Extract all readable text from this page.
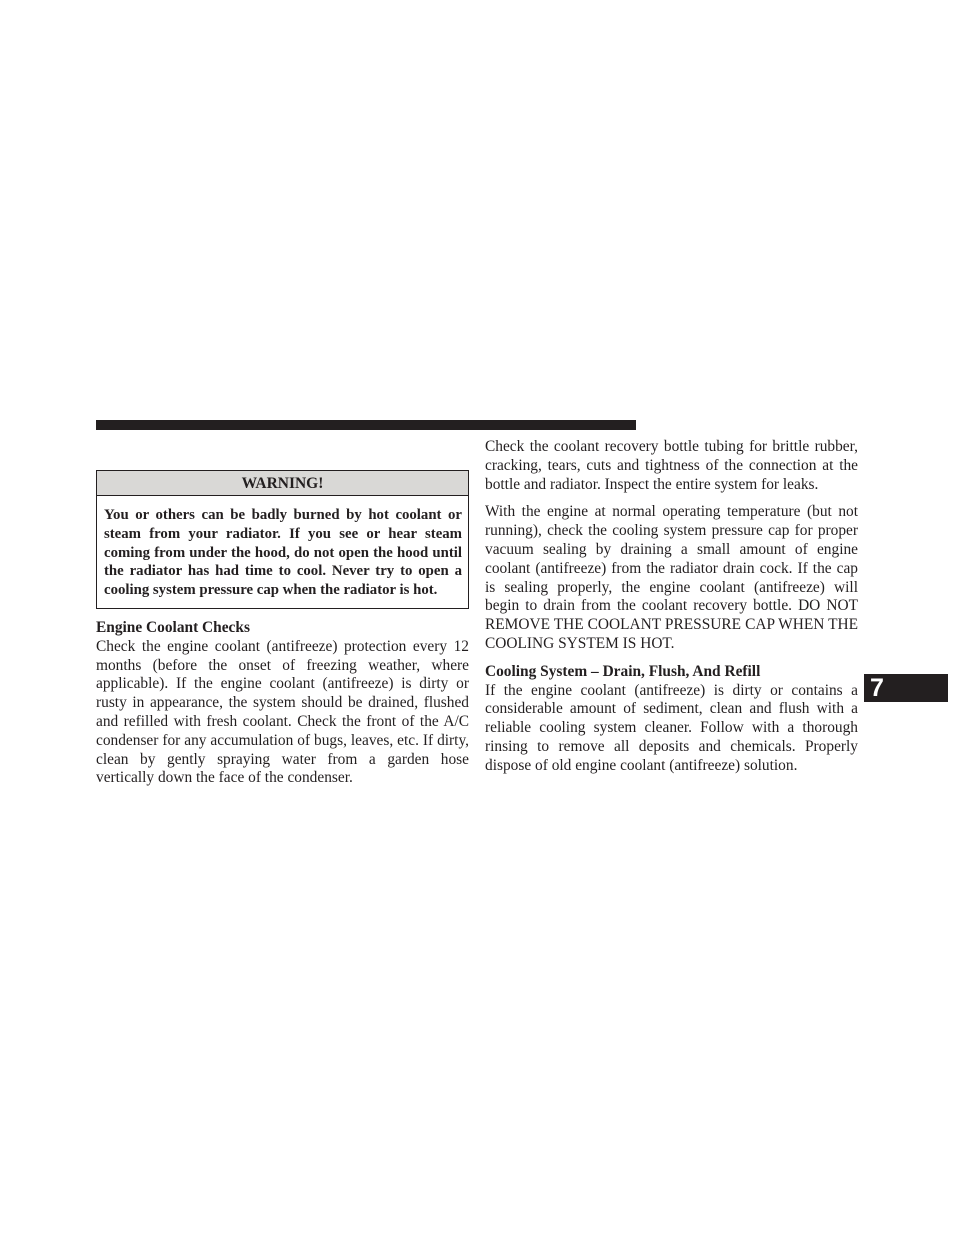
WARNING!

You or others can be badly burned by hot coolant or steam from your radiator. If you see or hear steam coming from under the hood, do not open the hood until the radiator has had time to cool. Never try to open a cooling system pressure cap when the radiator is hot.

Engine Coolant Checks

Check the engine coolant (antifreeze) protection every 12 months (before the onset of freezing weather, where applicable). If the engine coolant (antifreeze) is dirty or rusty in appearance, the system should be drained, flushed and refilled with fresh coolant. Check the front of the A/C condenser for any accumulation of bugs, leaves, etc. If dirty, clean by gently spraying water from a garden hose vertically down the face of the condenser.

Check the coolant recovery bottle tubing for brittle rubber, cracking, tears, cuts and tightness of the connection at the bottle and radiator. Inspect the entire system for leaks.

With the engine at normal operating temperature (but not running), check the cooling system pressure cap for proper vacuum sealing by draining a small amount of engine coolant (antifreeze) from the radiator drain cock. If the cap is sealing properly, the engine coolant (antifreeze) will begin to drain from the coolant recovery bottle. DO NOT REMOVE THE COOLANT PRESSURE CAP WHEN THE COOLING SYSTEM IS HOT.

Cooling System – Drain, Flush, And Refill

If the engine coolant (antifreeze) is dirty or contains a considerable amount of sediment, clean and flush with a reliable cooling system cleaner. Follow with a thorough rinsing to remove all deposits and chemicals. Properly dispose of old engine coolant (antifreeze) solution.

7
